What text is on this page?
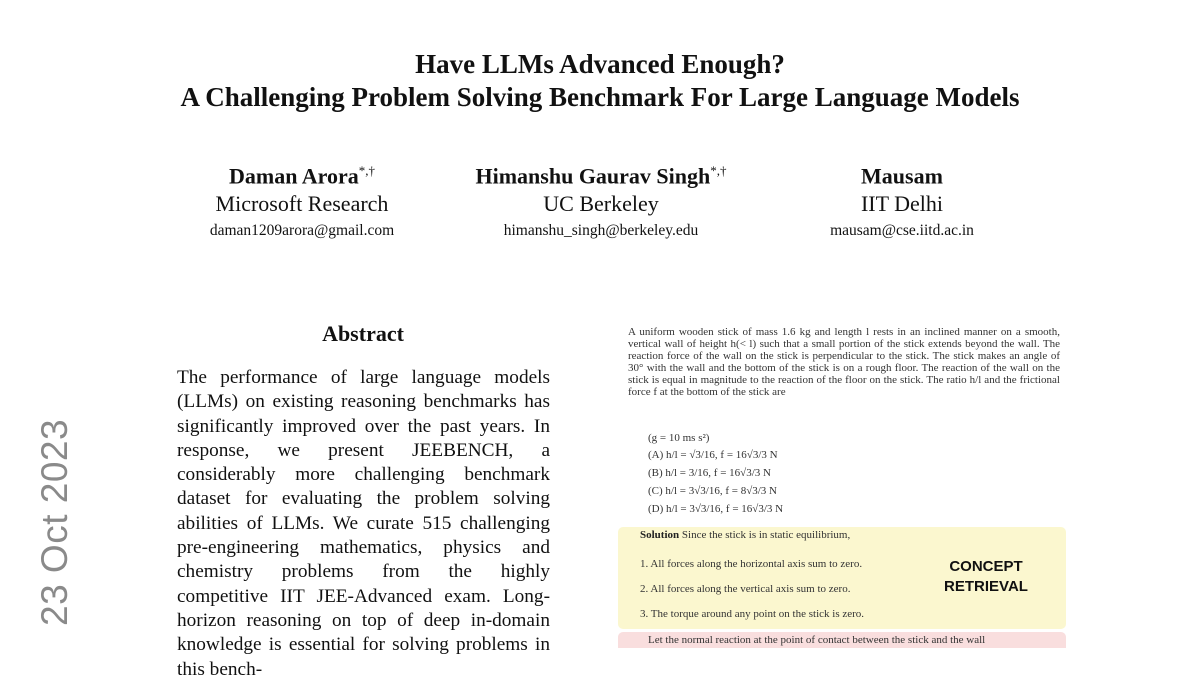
Have LLMs Advanced Enough?
A Challenging Problem Solving Benchmark For Large Language Models
Daman Arora*,†
Microsoft Research
daman1209arora@gmail.com
Himanshu Gaurav Singh*,†
UC Berkeley
himanshu_singh@berkeley.edu
Mausam
IIT Delhi
mausam@cse.iitd.ac.in
23 Oct 2023
Abstract
The performance of large language models (LLMs) on existing reasoning benchmarks has significantly improved over the past years. In response, we present JEEBENCH, a considerably more challenging benchmark dataset for evaluating the problem solving abilities of LLMs. We curate 515 challenging pre-engineering mathematics, physics and chemistry problems from the highly competitive IIT JEE-Advanced exam. Long-horizon reasoning on top of deep in-domain knowledge is essential for solving problems in this bench-
A uniform wooden stick of mass 1.6 kg and length l rests in an inclined manner on a smooth, vertical wall of height h(< l) such that a small portion of the stick extends beyond the wall. The reaction force of the wall on the stick is perpendicular to the stick. The stick makes an angle of 30° with the wall and the bottom of the stick is on a rough floor. The reaction of the wall on the stick is equal in magnitude to the reaction of the floor on the stick. The ratio h/l and the frictional force f at the bottom of the stick are
(g = 10 ms s²)
(A) h/l = √3/16, f = 16√3/3 N
(B) h/l = 3/16, f = 16√3/3 N
(C) h/l = 3√3/16, f = 8√3/3 N
(D) h/l = 3√3/16, f = 16√3/3 N
Solution Since the stick is in static equilibrium,
1. All forces along the horizontal axis sum to zero.
2. All forces along the vertical axis sum to zero.
3. The torque around any point on the stick is zero.
CONCEPT
RETRIEVAL
Let the normal reaction at the point of contact between the stick and the wall
